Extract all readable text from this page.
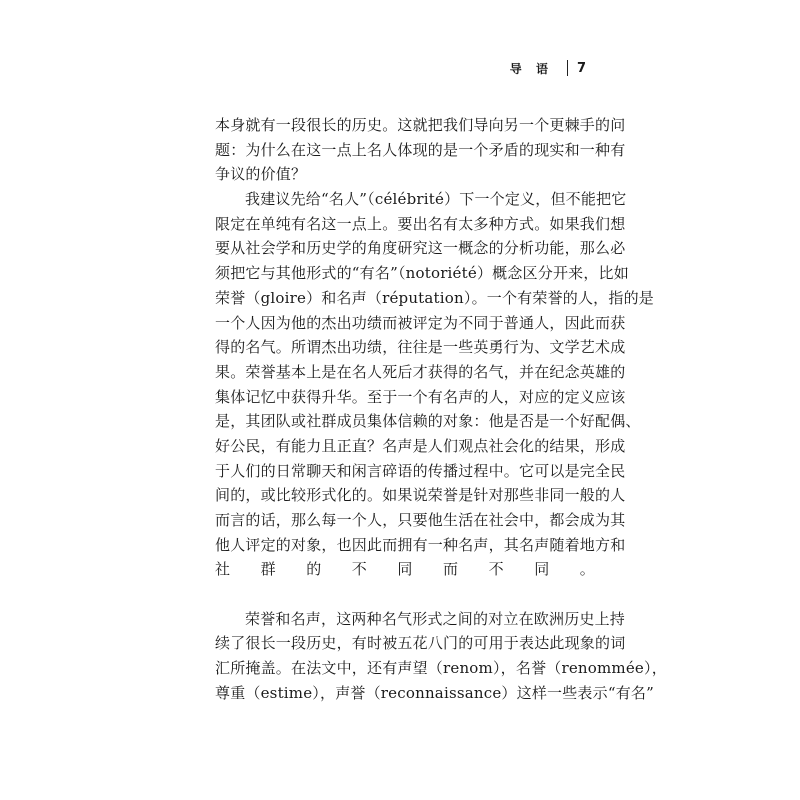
导 语 7
本身就有一段很长的历史。这就把我们导向另一个更棘手的问
题：为什么在这一点上名人体现的是一个矛盾的现实和一种有
争议的价值？
我建议先给“名人”（célébrité）下一个定义，但不能把它
限定在单纯有名这一点上。要出名有太多种方式。如果我们想
要从社会学和历史学的角度研究这一概念的分析功能，那么必
须把它与其他形式的“有名”（notoriété）概念区分开来，比如
荣誉（gloire）和名声（réputation）。一个有荣誉的人，指的是
一个人因为他的杰出功绩而被评定为不同于普通人，因此而获
得的名气。所谓杰出功绩，往往是一些英勇行为、文学艺术成
果。荣誉基本上是在名人死后才获得的名气，并在纪念英雄的
集体记忆中获得升华。至于一个有名声的人，对应的定义应该
是，其团队或社群成员集体信赖的对象：他是否是一个好配偶、
好公民，有能力且正直？名声是人们观点社会化的结果，形成
于人们的日常聊天和闲言碎语的传播过程中。它可以是完全民
间的，或比较形式化的。如果说荣誉是针对那些非同一般的人
而言的话，那么每一个人，只要他生活在社会中，都会成为其
他人评定的对象，也因此而拥有一种名声，其名声随着地方和
社群的不同而不同。
荣誉和名声，这两种名气形式之间的对立在欧洲历史上持
续了很长一段历史，有时被五花八门的可用于表达此现象的词
汇所掩盖。在法文中，还有声望（renom），名誉（renommée），
尊重（estime），声誉（reconnaissance）这样一些表示“有名”
